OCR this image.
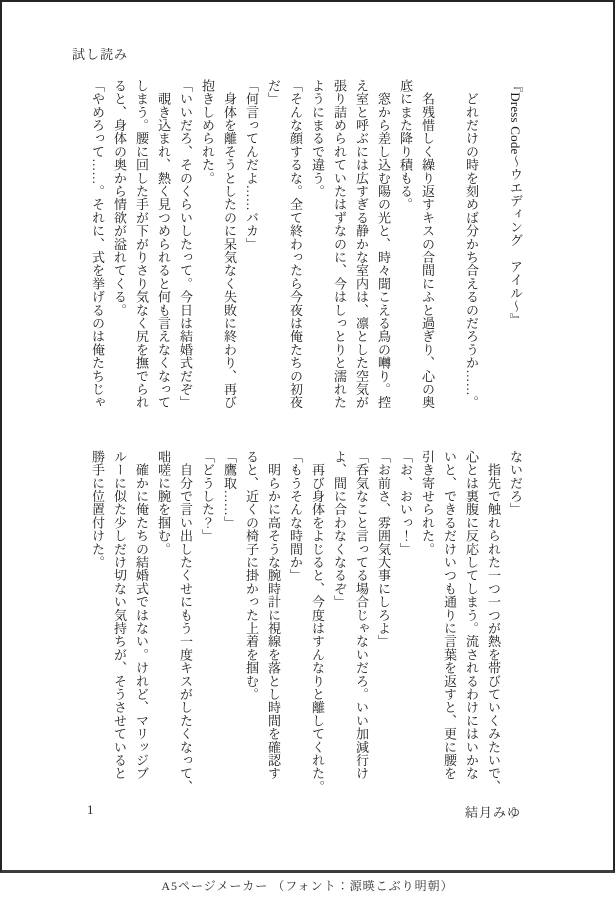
試し読み
『Dress Code〜ウエディング　アイル〜』

　どれだけの時を刻めば分かち合えるのだろうか……。

　名残惜しく繰り返すキスの合間にふと過ぎり、心の奥
底にまた降り積もる。
　窓から差し込む陽の光と、時々聞こえる鳥の囀り。控
え室と呼ぶには広すぎる静かな室内は、凛とした空気が
張り詰められていたはずなのに、今はしっとりと濡れた
ようにまるで違う。
「そんな顔するな。全て終わったら今夜は俺たちの初夜
だ」
「何言ってんだよ……バカ」
　身体を離そうとしたのに呆気なく失敗に終わり、再び
抱きしめられた。
「いいだろ、そのくらいしたって。今日は結婚式だぞ」
　覗き込まれ、熱く見つめられると何も言えなくなって
しまう。腰に回した手が下がりさり気なく尻を撫でられ
ると、身体の奥から情欲が溢れてくる。
「やめろって……。それに、式を挙げるのは俺たちじゃ
ないだろ」
　指先で触れられた一つ一つが熱を帯びていくみたいで、
心とは裏腹に反応してしまう。流されるわけにはいかな
いと、できるだけいつも通りに言葉を返すと、更に腰を
引き寄せられた。
「お、おいっ！」
「お前さ、雰囲気大事にしろよ」
「呑気なこと言ってる場合じゃないだろ。いい加減行け
よ、間に合わなくなるぞ」
　再び身体をよじると、今度はすんなりと離してくれた。
「もうそんな時間か」
　明らかに高そうな腕時計に視線を落とし時間を確認す
ると、近くの椅子に掛かった上着を掴む。
「鷹取……」
「どうした？」
　自分で言い出したくせにもう一度キスがしたくなって、
咄嗟に腕を掴む。
　確かに俺たちの結婚式ではない。けれど、マリッジブ
ルーに似た少しだけ切ない気持ちが、そうさせていると
勝手に位置付けた。
1	結月みゆ
A5ページメーカー （フォント：源暎こぶり明朝）
